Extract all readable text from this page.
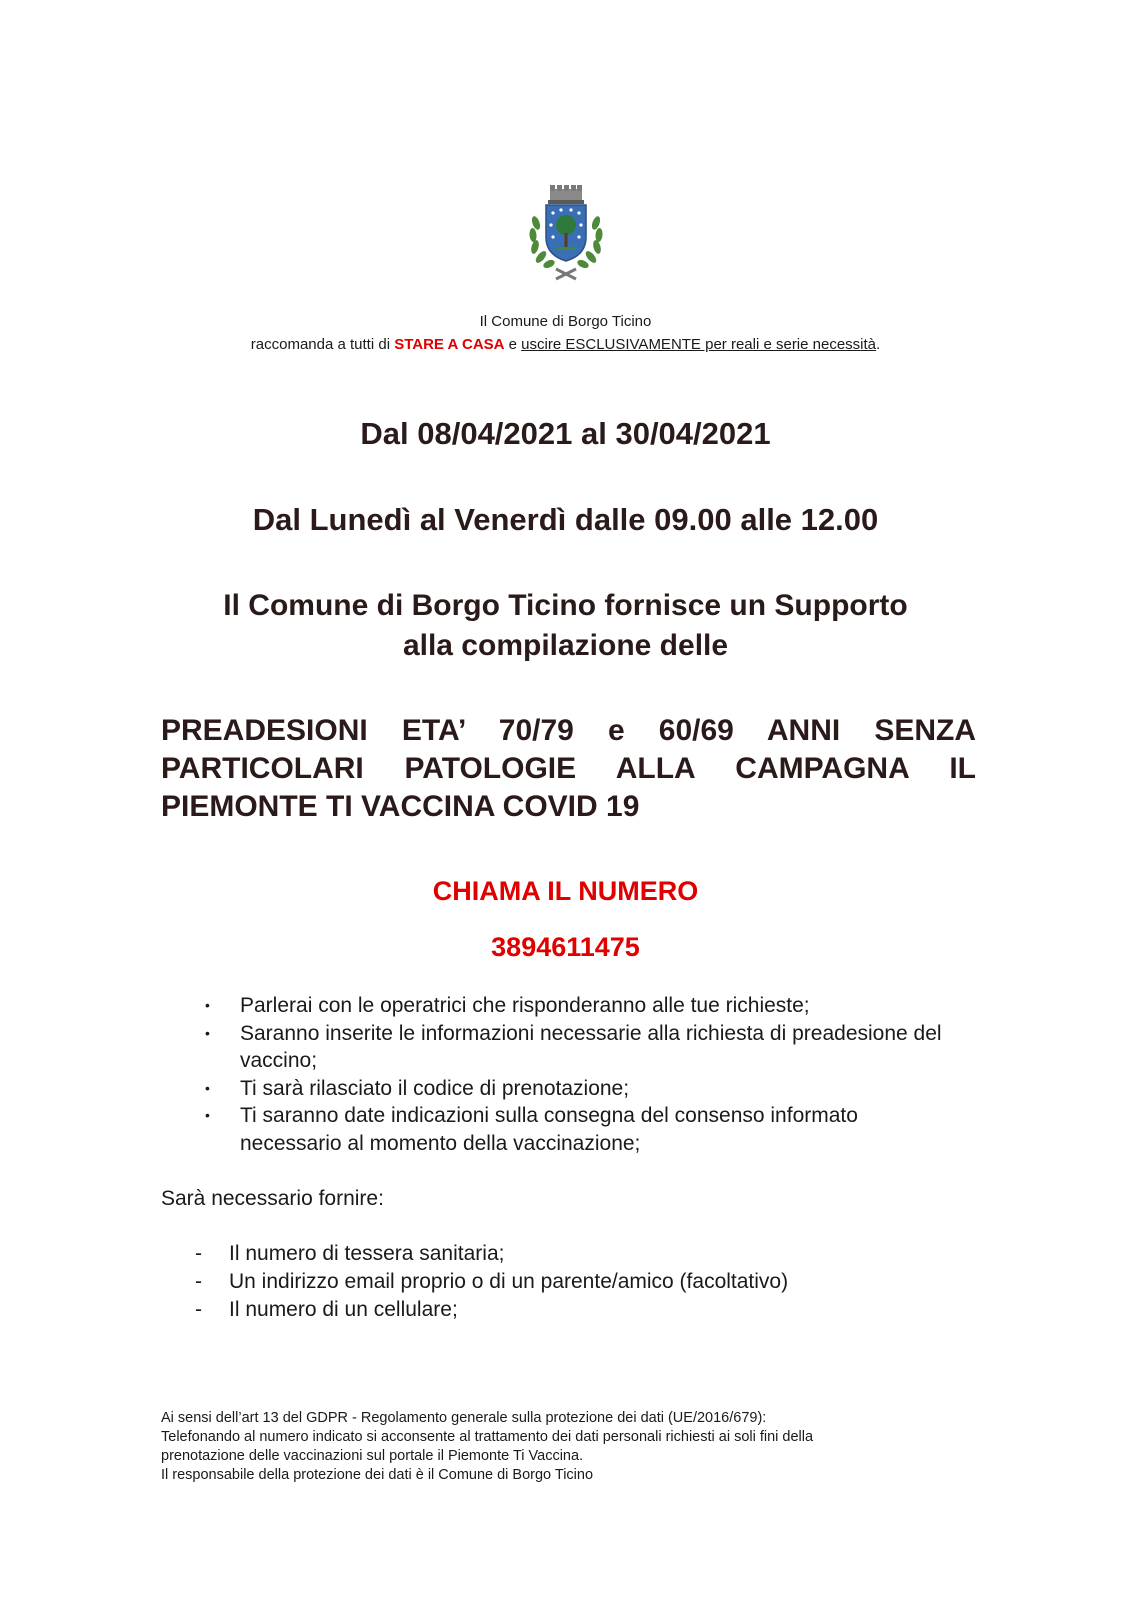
Il Comune di Borgo Ticino
raccomanda a tutti di STARE A CASA e uscire ESCLUSIVAMENTE per reali e serie necessità.
Dal 08/04/2021 al 30/04/2021
Dal Lunedì al Venerdì dalle 09.00 alle 12.00
Il Comune di Borgo Ticino fornisce un Supporto
alla compilazione delle
PREADESIONI ETA’ 70/79 e 60/69 ANNI SENZA
PARTICOLARI PATOLOGIE ALLA CAMPAGNA IL
PIEMONTE TI VACCINA COVID 19
CHIAMA IL NUMERO
3894611475
• Parlerai con le operatrici che risponderanno alle tue richieste;
• Saranno inserite le informazioni necessarie alla richiesta di preadesione del vaccino;
• Ti sarà rilasciato il codice di prenotazione;
• Ti saranno date indicazioni sulla consegna del consenso informato necessario al momento della vaccinazione;
Sarà necessario fornire:
- Il numero di tessera sanitaria;
- Un indirizzo email proprio o di un parente/amico (facoltativo)
- Il numero di un cellulare;
Ai sensi dell’art 13 del GDPR - Regolamento generale sulla protezione dei dati (UE/2016/679):
Telefonando al numero indicato si acconsente al trattamento dei dati personali richiesti ai soli fini della
prenotazione delle vaccinazioni sul portale il Piemonte Ti Vaccina.
Il responsabile della protezione dei dati è il Comune di Borgo Ticino
